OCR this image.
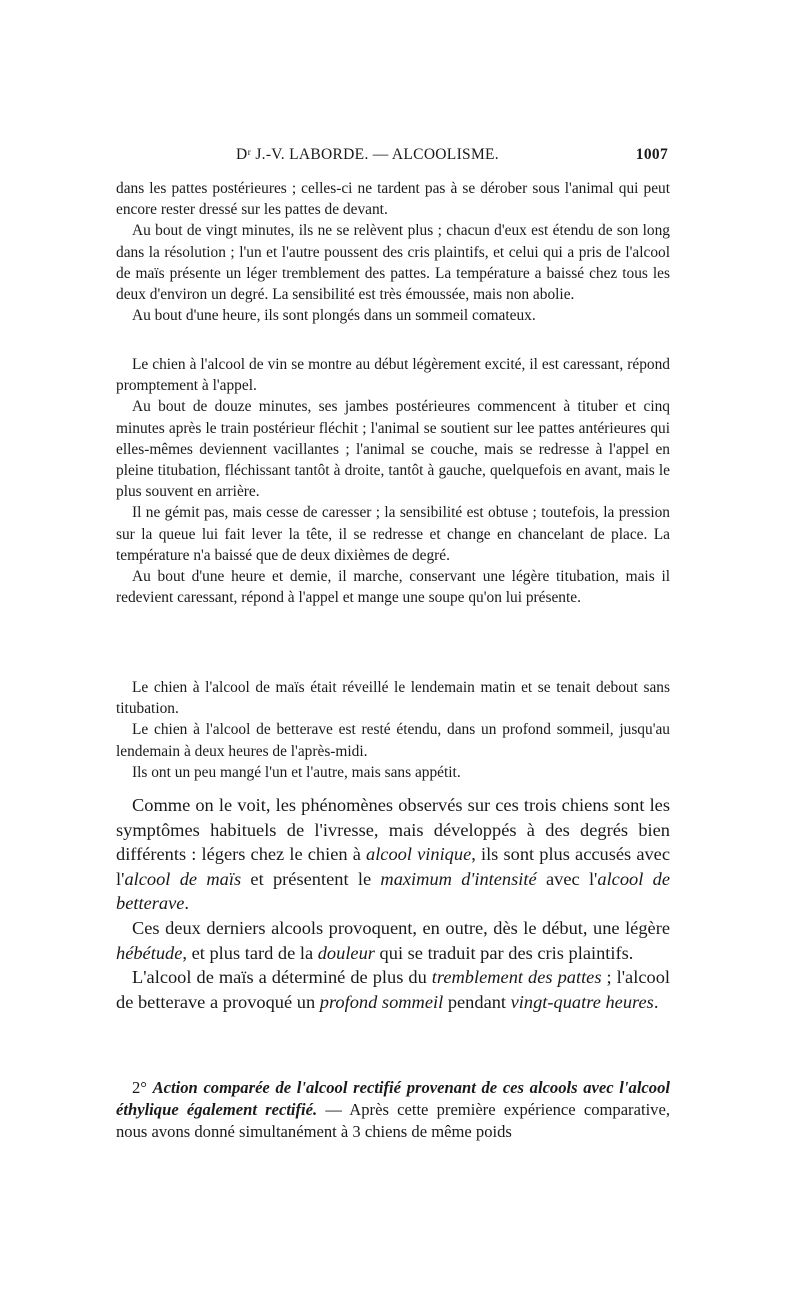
Dʳ J.-V. LABORDE. — ALCOOLISME.	1007

dans les pattes postérieures ; celles-ci ne tardent pas à se dérober sous l'animal qui peut encore rester dressé sur les pattes de devant.

Au bout de vingt minutes, ils ne se relèvent plus ; chacun d'eux est étendu de son long dans la résolution ; l'un et l'autre poussent des cris plaintifs, et celui qui a pris de l'alcool de maïs présente un léger tremblement des pattes. La température a baissé chez tous les deux d'environ un degré. La sensibilité est très émoussée, mais non abolie.

Au bout d'une heure, ils sont plongés dans un sommeil comateux.

Le chien à l'alcool de vin se montre au début légèrement excité, il est caressant, répond promptement à l'appel.

Au bout de douze minutes, ses jambes postérieures commencent à tituber et cinq minutes après le train postérieur fléchit ; l'animal se soutient sur lee pattes antérieures qui elles-mêmes deviennent vacillantes ; l'animal se couche, mais se redresse à l'appel en pleine titubation, fléchissant tantôt à droite, tantôt à gauche, quelquefois en avant, mais le plus souvent en arrière.

Il ne gémit pas, mais cesse de caresser ; la sensibilité est obtuse ; toutefois, la pression sur la queue lui fait lever la tête, il se redresse et change en chancelant de place. La température n'a baissé que de deux dixièmes de degré.

Au bout d'une heure et demie, il marche, conservant une légère titubation, mais il redevient caressant, répond à l'appel et mange une soupe qu'on lui présente.

Le chien à l'alcool de maïs était réveillé le lendemain matin et se tenait debout sans titubation.

Le chien à l'alcool de betterave est resté étendu, dans un profond sommeil, jusqu'au lendemain à deux heures de l'après-midi.

Ils ont un peu mangé l'un et l'autre, mais sans appétit.

Comme on le voit, les phénomènes observés sur ces trois chiens sont les symptômes habituels de l'ivresse, mais développés à des degrés bien différents : légers chez le chien à alcool vinique, ils sont plus accusés avec l'alcool de maïs et présentent le maximum d'intensité avec l'alcool de betterave.

Ces deux derniers alcools provoquent, en outre, dès le début, une légère hébétude, et plus tard de la douleur qui se traduit par des cris plaintifs.

L'alcool de maïs a déterminé de plus du tremblement des pattes ; l'alcool de betterave a provoqué un profond sommeil pendant vingt-quatre heures.

2° Action comparée de l'alcool rectifié provenant de ces alcools avec l'alcool éthylique également rectifié. — Après cette première expérience comparative, nous avons donné simultanément à 3 chiens de même poids
